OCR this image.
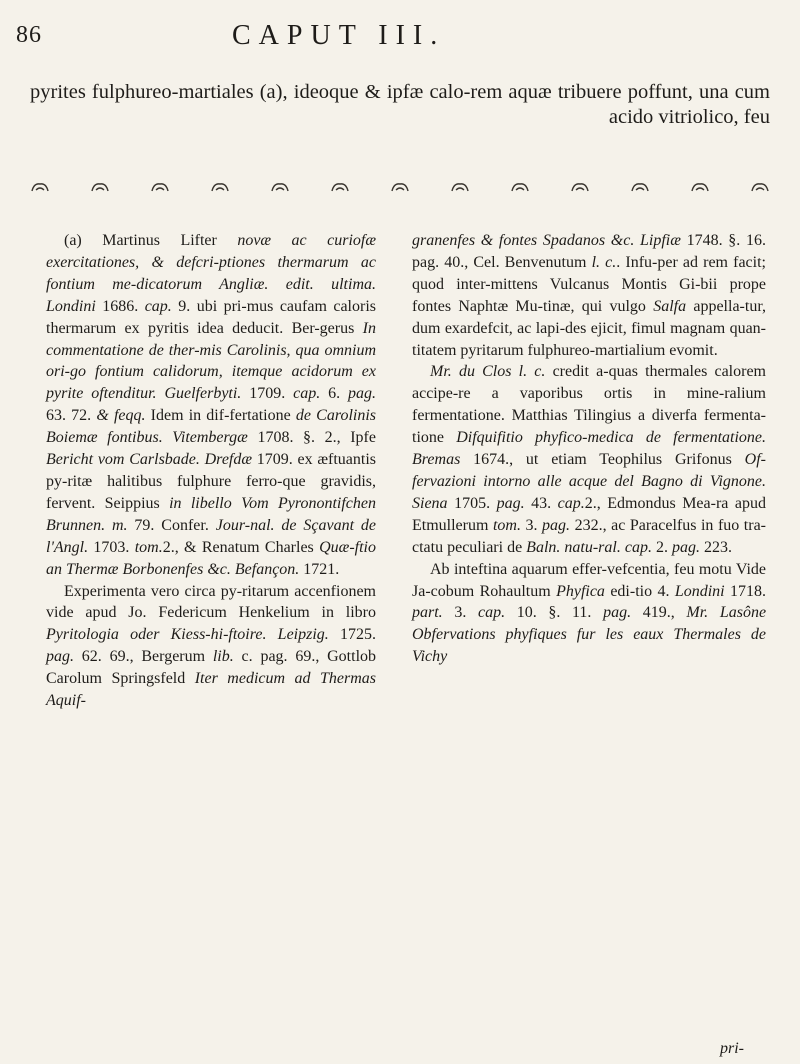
86	CAPUT III.
pyrites fulphureo-martiales (a), ideoque & ipfæ calo-rem aquæ tribuere poffunt, una cum acido vitriolico, feu

(a) Martinus Lifter novæ ac curiofæ exercitationes, & defcri-ptiones thermarum ac fontium me-dicatorum Angliæ. edit. ultima. Londini 1686. cap. 9. ubi pri-mus caufam caloris thermarum ex pyritis idea deducit. Ber-gerus In commentatione de ther-mis Carolinis, qua omnium ori-go fontium calidorum, itemque acidorum ex pyrite oftenditur. Guelferbyti. 1709. cap. 6. pag. 63. 72. & feqq. Idem in dif-fertatione de Carolinis Boiemæ fontibus. Vitembergæ 1708. §. 2., Ipfe Bericht vom Carlsbade. Drefdæ 1709. ex æftuantis py-ritæ halitibus fulphure ferro-que gravidis, fervent. Seippius in libello Vom Pyronontifchen Brunnen. m. 79. Confer. Jour-nal. de Sçavant de l'Angl. 1703. tom.2., & Renatum Charles Quæ-ftio an Thermæ Borbonenfes &c. Befançon. 1721.

Experimenta vero circa py-ritarum accenfionem vide apud Jo. Federicum Henkelium in libro Pyritologia oder Kiess-hi-ftoire. Leipzig. 1725. pag. 62. 69., Bergerum lib. c. pag. 69., Gottlob Carolum Springsfeld Iter medicum ad Thermas Aquif-

granenfes & fontes Spadanos &c. Lipfiæ 1748. §. 16. pag. 40., Cel. Benvenutum l. c.. Infu-per ad rem facit; quod inter-mittens Vulcanus Montis Gi-bii prope fontes Naphtæ Mu-tinæ, qui vulgo Salfa appella-tur, dum exardefcit, ac lapi-des ejicit, fimul magnam quan-titatem pyritarum fulphureo-martialium evomit.

Mr. du Clos l. c. credit a-quas thermales calorem accipe-re a vaporibus ortis in mine-ralium fermentatione. Matthias Tilingius a diverfa fermenta-tione Difquifitio phyfico-medica de fermentatione. Bremas 1674., ut etiam Teophilus Grifonus Of-fervazioni intorno alle acque del Bagno di Vignone. Siena 1705. pag. 43. cap.2., Edmondus Mea-ra apud Etmullerum tom. 3. pag. 232., ac Paracelfus in fuo tra-ctatu peculiari de Baln. natu-ral. cap. 2. pag. 223.

Ab inteftina aquarum effer-vefcentia, feu motu Vide Ja-cobum Rohaultum Phyfica edi-tio 4. Londini 1718. part. 3. cap. 10. §. 11. pag. 419., Mr. Lasône Obfervations phyfiques fur les eaux Thermales de Vichy

pri-
